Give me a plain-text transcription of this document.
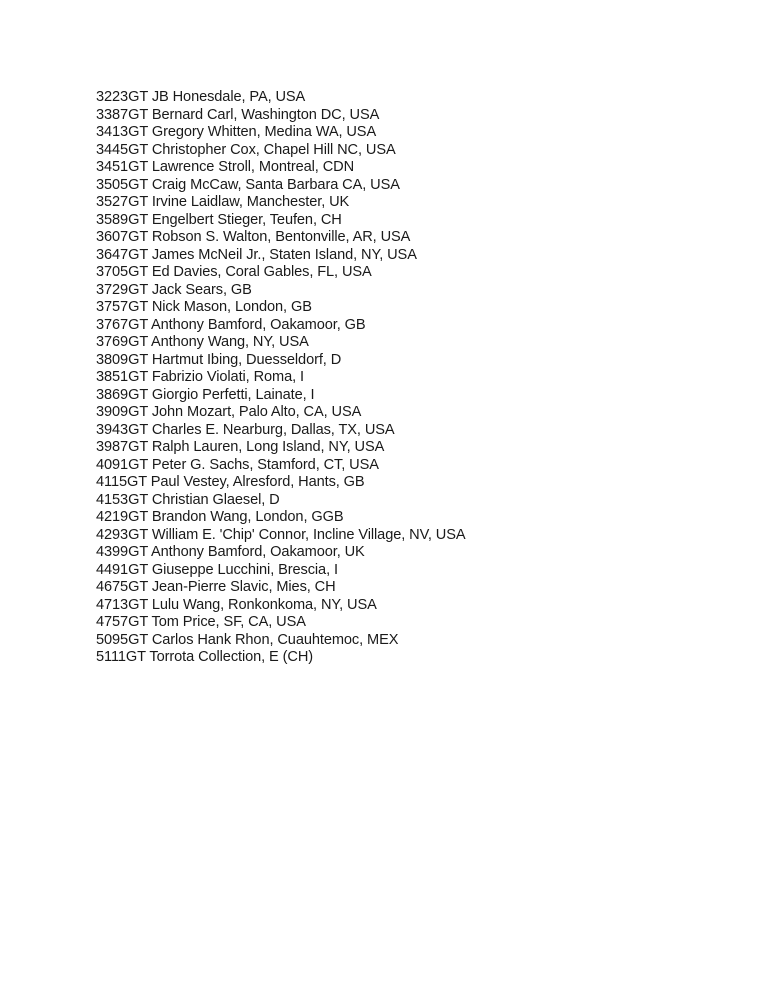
3223GT JB Honesdale, PA, USA
3387GT Bernard Carl, Washington DC, USA
3413GT Gregory Whitten, Medina WA, USA
3445GT Christopher Cox, Chapel Hill NC, USA
3451GT Lawrence Stroll, Montreal, CDN
3505GT Craig McCaw, Santa Barbara CA, USA
3527GT Irvine Laidlaw, Manchester, UK
3589GT Engelbert Stieger, Teufen, CH
3607GT Robson S. Walton, Bentonville, AR, USA
3647GT James McNeil Jr., Staten Island, NY, USA
3705GT Ed Davies, Coral Gables, FL, USA
3729GT Jack Sears, GB
3757GT Nick Mason, London, GB
3767GT Anthony Bamford, Oakamoor, GB
3769GT Anthony Wang, NY, USA
3809GT Hartmut Ibing, Duesseldorf, D
3851GT Fabrizio Violati, Roma, I
3869GT Giorgio Perfetti, Lainate, I
3909GT John Mozart, Palo Alto, CA, USA
3943GT Charles E. Nearburg, Dallas, TX, USA
3987GT Ralph Lauren, Long Island, NY, USA
4091GT Peter G. Sachs, Stamford, CT, USA
4115GT Paul Vestey, Alresford, Hants, GB
4153GT Christian Glaesel, D
4219GT Brandon Wang, London, GGB
4293GT William E. 'Chip' Connor, Incline Village, NV, USA
4399GT Anthony Bamford, Oakamoor, UK
4491GT Giuseppe Lucchini, Brescia, I
4675GT Jean-Pierre Slavic, Mies, CH
4713GT Lulu Wang, Ronkonkoma, NY, USA
4757GT Tom Price, SF, CA, USA
5095GT Carlos Hank Rhon, Cuauhtemoc, MEX
5111GT Torrota Collection, E (CH)
